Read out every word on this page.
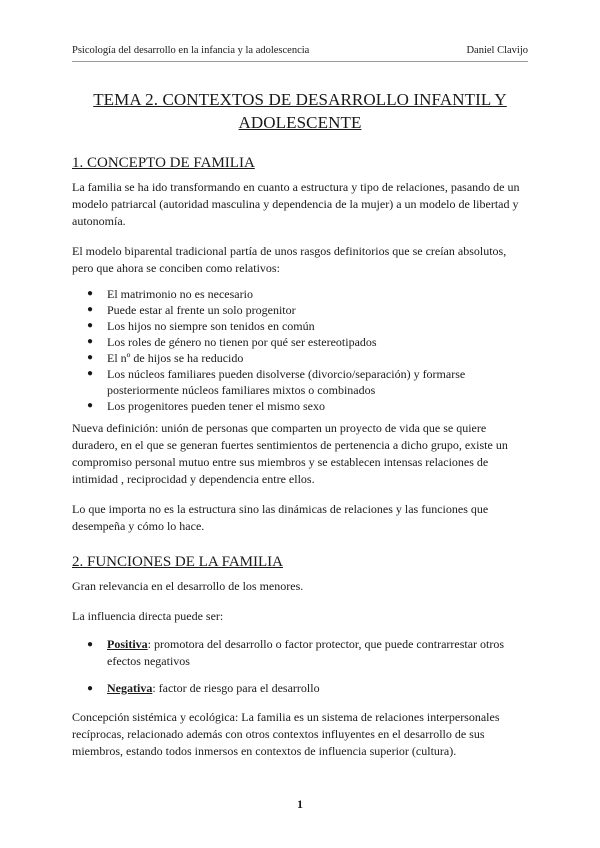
Psicología del desarrollo en la infancia y la adolescencia	Daniel Clavijo
TEMA 2. CONTEXTOS DE DESARROLLO INFANTIL Y ADOLESCENTE
1. CONCEPTO DE FAMILIA

La familia se ha ido transformando en cuanto a estructura y tipo de relaciones, pasando de un modelo patriarcal (autoridad masculina y dependencia de la mujer) a un modelo de libertad y autonomía.

El modelo biparental tradicional partía de unos rasgos definitorios que se creían absolutos, pero que ahora se conciben como relativos:

● El matrimonio no es necesario
● Puede estar al frente un solo progenitor
● Los hijos no siempre son tenidos en común
● Los roles de género no tienen por qué ser estereotipados
● El nº de hijos se ha reducido
● Los núcleos familiares pueden disolverse (divorcio/separación) y formarse posteriormente núcleos familiares mixtos o combinados
● Los progenitores pueden tener el mismo sexo

Nueva definición: unión de personas que comparten un proyecto de vida que se quiere duradero, en el que se generan fuertes sentimientos de pertenencia a dicho grupo, existe un compromiso personal mutuo entre sus miembros y se establecen intensas relaciones de intimidad , reciprocidad y dependencia entre ellos.

Lo que importa no es la estructura sino las dinámicas de relaciones y las funciones que desempeña y cómo lo hace.

2. FUNCIONES DE LA FAMILIA

Gran relevancia en el desarrollo de los menores.

La influencia directa puede ser:

● Positiva: promotora del desarrollo o factor protector, que puede contrarrestar otros efectos negativos
● Negativa: factor de riesgo para el desarrollo

Concepción sistémica y ecológica: La familia es un sistema de relaciones interpersonales recíprocas, relacionado además con otros contextos influyentes en el desarrollo de sus miembros, estando todos inmersos en contextos de influencia superior (cultura).

1
